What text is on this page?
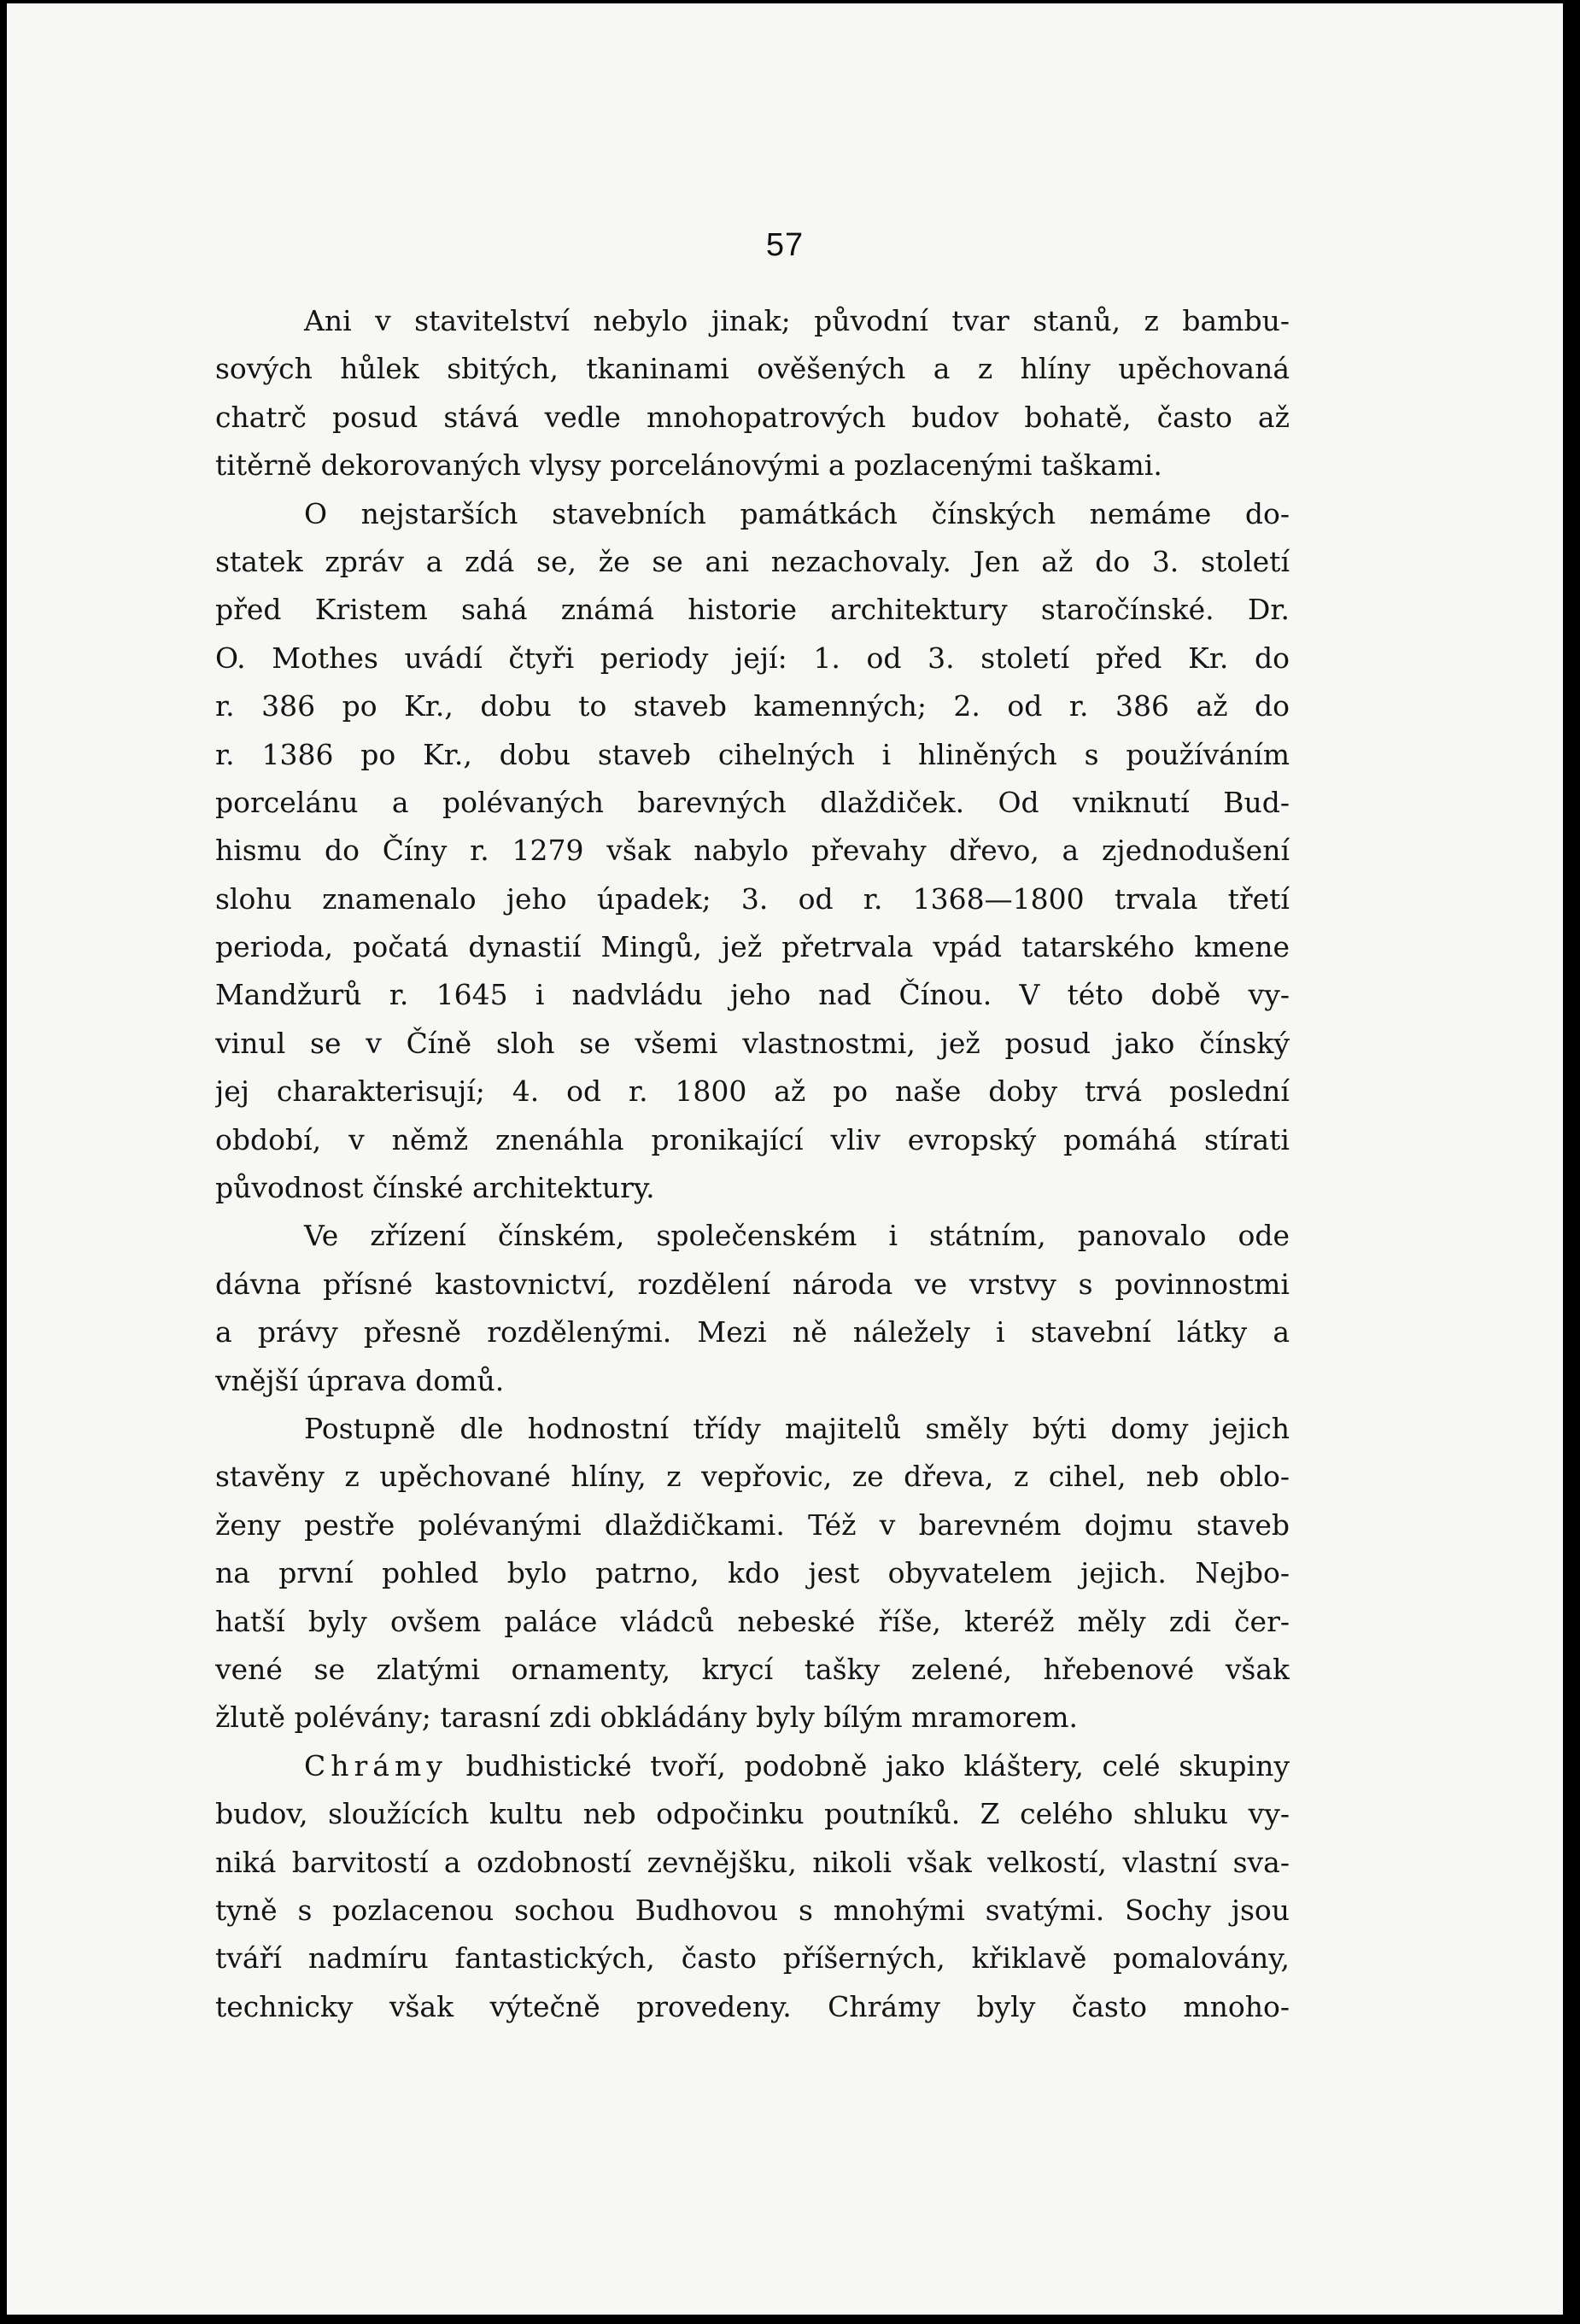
57
Ani v stavitelství nebylo jinak; původní tvar stanů, z bambu-
sových hůlek sbitých, tkaninami ověšených a z hlíny upěchovaná
chatrč posud stává vedle mnohopatrových budov bohatě, často až
titěrně dekorovaných vlysy porcelánovými a pozlacenými taškami.
O nejstarších stavebních památkách čínských nemáme do-
statek zpráv a zdá se, že se ani nezachovaly. Jen až do 3. století
před Kristem sahá známá historie architektury staročínské. Dr.
O. Mothes uvádí čtyři periody její: 1. od 3. století před Kr. do
r. 386 po Kr., dobu to staveb kamenných; 2. od r. 386 až do
r. 1386 po Kr., dobu staveb cihelných i hliněných s používáním
porcelánu a polévaných barevných dlaždiček. Od vniknutí Bud-
hismu do Číny r. 1279 však nabylo převahy dřevo, a zjednodušení
slohu znamenalo jeho úpadek; 3. od r. 1368—1800 trvala třetí
perioda, počatá dynastií Mingů, jež přetrvala vpád tatarského kmene
Mandžurů r. 1645 i nadvládu jeho nad Čínou. V této době vy-
vinul se v Číně sloh se všemi vlastnostmi, jež posud jako čínský
jej charakterisují; 4. od r. 1800 až po naše doby trvá poslední
období, v němž znenáhla pronikající vliv evropský pomáhá stírati
původnost čínské architektury.
Ve zřízení čínském, společenském i státním, panovalo ode
dávna přísné kastovnictví, rozdělení národa ve vrstvy s povinnostmi
a právy přesně rozdělenými. Mezi ně náležely i stavební látky a
vnější úprava domů.
Postupně dle hodnostní třídy majitelů směly býti domy jejich
stavěny z upěchované hlíny, z vepřovic, ze dřeva, z cihel, neb oblo-
ženy pestře polévanými dlaždičkami. Též v barevném dojmu staveb
na první pohled bylo patrno, kdo jest obyvatelem jejich. Nejbo-
hatší byly ovšem paláce vládců nebeské říše, kteréž měly zdi čer-
vené se zlatými ornamenty, krycí tašky zelené, hřebenové však
žlutě polévány; tarasní zdi obkládány byly bílým mramorem.
Chrámy budhistické tvoří, podobně jako kláštery, celé skupiny
budov, sloužících kultu neb odpočinku poutníků. Z celého shluku vy-
niká barvitostí a ozdobností zevnějšku, nikoli však velkostí, vlastní sva-
tyně s pozlacenou sochou Budhovou s mnohými svatými. Sochy jsou
tváří nadmíru fantastických, často příšerných, křiklavě pomalovány,
technicky však výtečně provedeny. Chrámy byly často mnoho-
